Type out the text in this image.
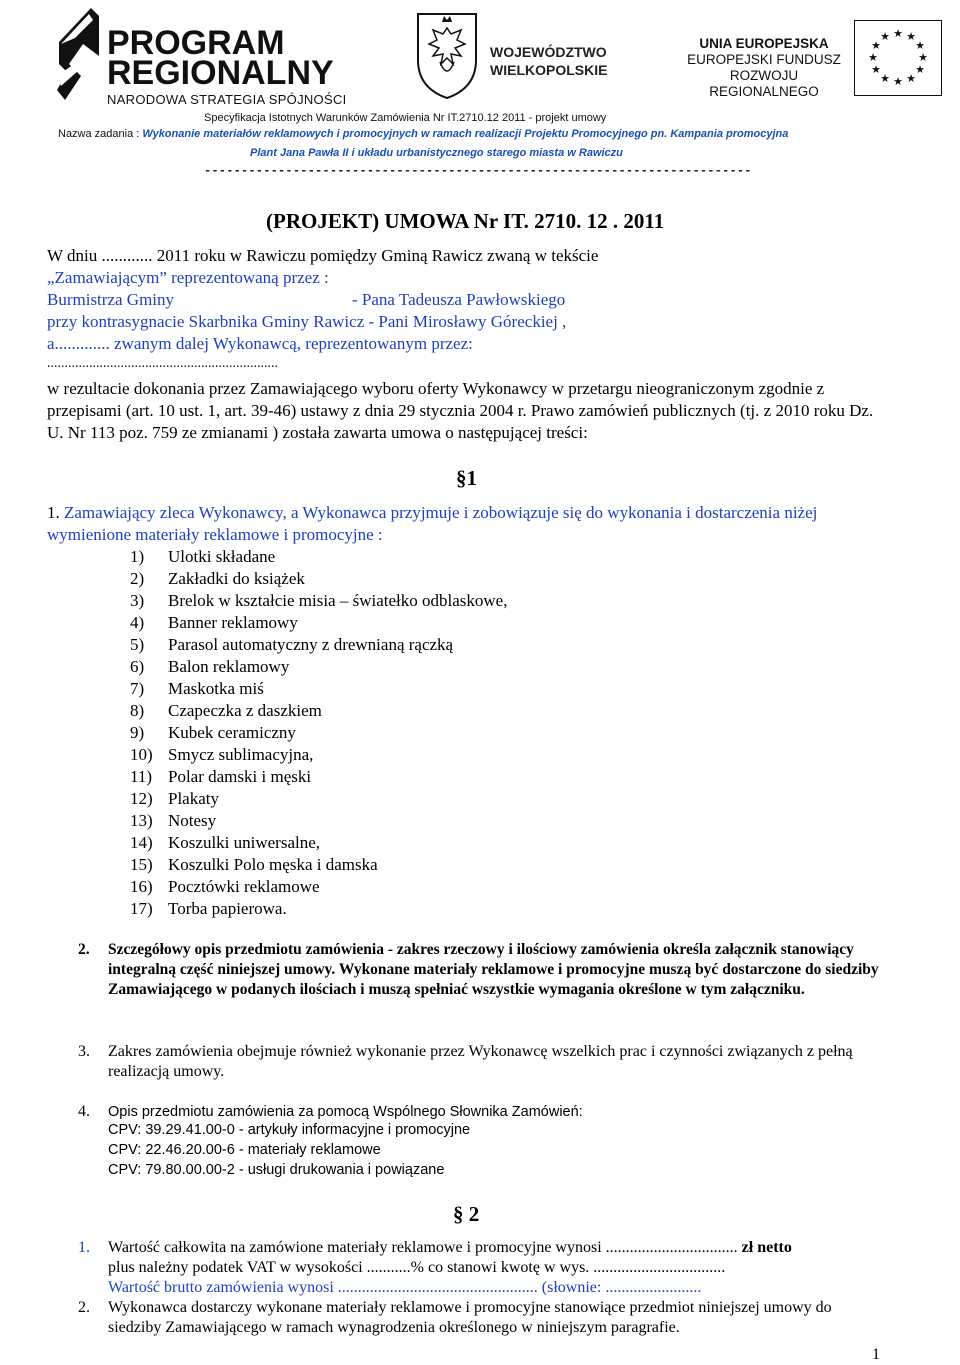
PROGRAM
REGIONALNY
NARODOWA STRATEGIA SPÓJNOŚCI
WOJEWÓDZTWO
WIELKOPOLSKIE
UNIA EUROPEJSKA
EUROPEJSKI FUNDUSZ
ROZWOJU REGIONALNEGO
★ ★
★
★
★
★
★
★
★
★
★
★
Specyfikacja Istotnych Warunków Zamówienia Nr IT.2710.12 2011 - projekt umowy
Nazwa zadania : Wykonanie materiałów reklamowych i promocyjnych w ramach realizacji Projektu Promocyjnego pn. Kampania promocyjna
Plant Jana Pawła II i układu urbanistycznego starego miasta w Rawiczu
--------------------------------------------------------------------------
(PROJEKT) UMOWA Nr IT. 2710. 12 . 2011
W dniu ............ 2011 roku w Rawiczu pomiędzy Gminą Rawicz zwaną w tekście
„Zamawiającym” reprezentowaną przez :
Burmistrza Gminy	- Pana Tadeusza Pawłowskiego
przy kontrasygnacie Skarbnika Gminy Rawicz - Pani Mirosławy Góreckiej ,
a............. zwanym dalej Wykonawcą, reprezentowanym przez:
..................................................................
w rezultacie dokonania przez Zamawiającego wyboru oferty Wykonawcy w przetargu nieograniczonym zgodnie z przepisami (art. 10 ust. 1, art. 39-46) ustawy z dnia 29 stycznia 2004 r. Prawo zamówień publicznych (tj. z 2010 roku Dz. U. Nr 113 poz. 759 ze zmianami ) została zawarta umowa o następującej treści:
§1
1. Zamawiający zleca Wykonawcy, a Wykonawca przyjmuje i zobowiązuje się do wykonania i dostarczenia niżej wymienione materiały reklamowe i promocyjne :
1)	Ulotki składane
2)	Zakładki do książek
3)	Brelok w kształcie misia – światełko odblaskowe,
4)	Banner reklamowy
5)	Parasol automatyczny z drewnianą rączką
6)	Balon reklamowy
7)	Maskotka miś
8)	Czapeczka z daszkiem
9)	Kubek ceramiczny
10) Smycz sublimacyjna,
11) Polar damski i męski
12) Plakaty
13) Notesy
14) Koszulki uniwersalne,
15) Koszulki Polo męska i damska
16) Pocztówki reklamowe
17) Torba papierowa.
2. Szczegółowy opis przedmiotu zamówienia - zakres rzeczowy i ilościowy zamówienia określa załącznik stanowiący integralną część niniejszej umowy. Wykonane materiały reklamowe i promocyjne muszą być dostarczone do siedziby Zamawiającego w podanych ilościach i muszą spełniać wszystkie wymagania określone w tym załączniku.
3. Zakres zamówienia obejmuje również wykonanie przez Wykonawcę wszelkich prac i czynności związanych z pełną realizacją umowy.
4. Opis przedmiotu zamówienia za pomocą Wspólnego Słownika Zamówień:
CPV: 39.29.41.00-0 - artykuły informacyjne i promocyjne
CPV: 22.46.20.00-6 - materiały reklamowe
CPV: 79.80.00.00-2 - usługi drukowania i powiązane
§ 2
1. Wartość całkowita na zamówione materiały reklamowe i promocyjne wynosi ................................. zł netto
plus należny podatek VAT w wysokości ...........% co stanowi kwotę w wys. .................................
Wartość brutto zamówienia wynosi .................................................. (słownie: ........................
2. Wykonawca dostarczy wykonane materiały reklamowe i promocyjne stanowiące przedmiot niniejszej umowy do siedziby Zamawiającego w ramach wynagrodzenia określonego w niniejszym paragrafie.
1
